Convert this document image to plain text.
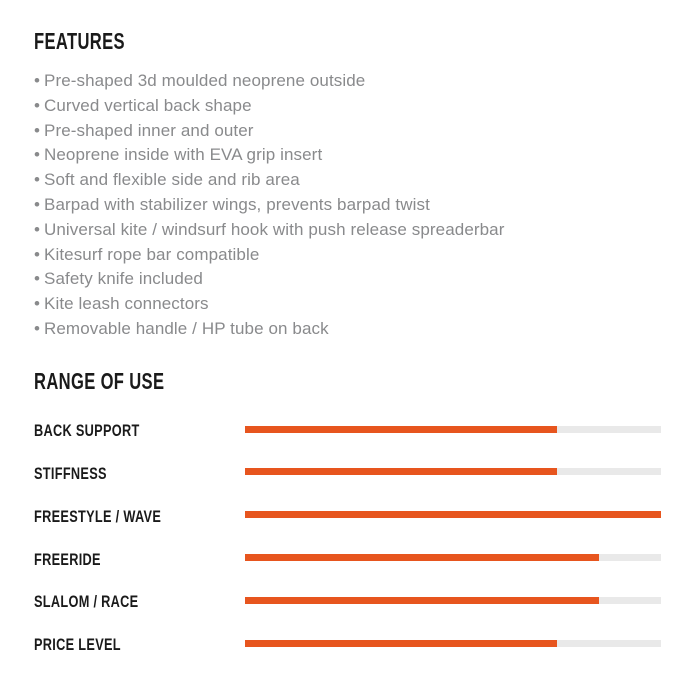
FEATURES
•Pre-shaped 3d moulded neoprene outside
•Curved vertical back shape
•Pre-shaped inner and outer
•Neoprene inside with EVA grip insert
•Soft and flexible side and rib area
•Barpad with stabilizer wings, prevents barpad twist
•Universal kite / windsurf hook with push release spreaderbar
•Kitesurf rope bar compatible
•Safety knife included
•Kite leash connectors
•Removable handle / HP tube on back
RANGE OF USE
BACK SUPPORT
STIFFNESS
FREESTYLE / WAVE
FREERIDE
SLALOM / RACE
PRICE LEVEL
